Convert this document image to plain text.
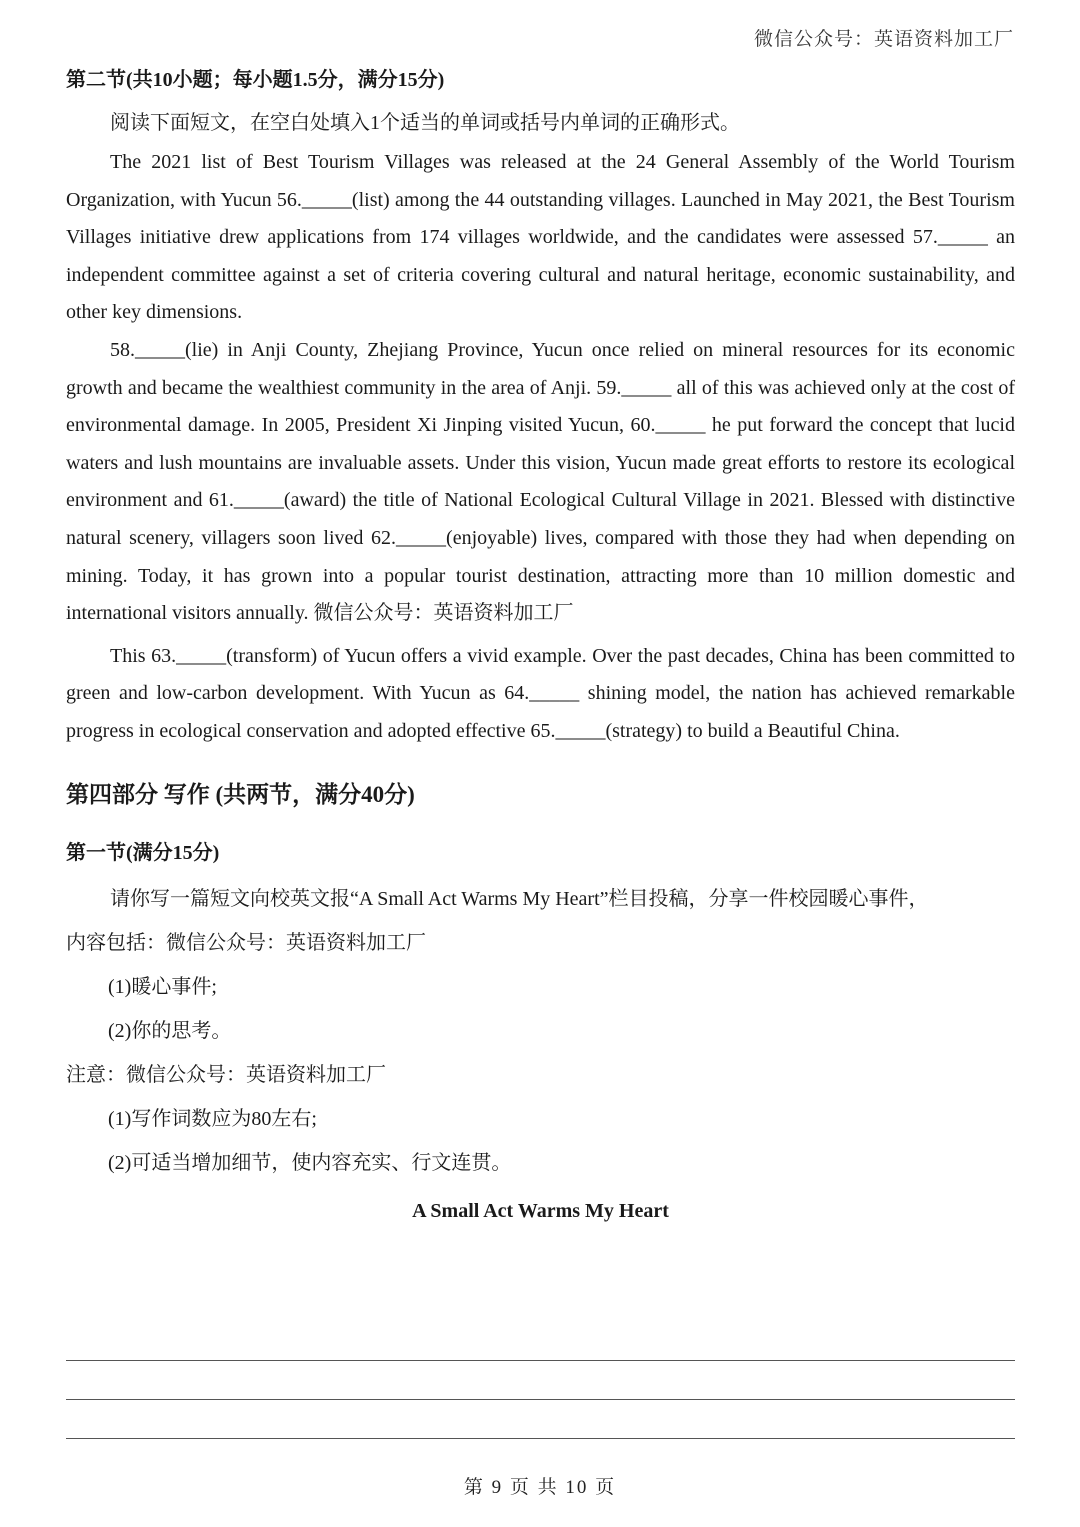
微信公众号：英语资料加工厂
第二节(共10小题；每小题1.5分，满分15分)
阅读下面短文，在空白处填入1个适当的单词或括号内单词的正确形式。
The 2021 list of Best Tourism Villages was released at the 24 General Assembly of the World Tourism Organization, with Yucun 56._____(list) among the 44 outstanding villages. Launched in May 2021, the Best Tourism Villages initiative drew applications from 174 villages worldwide, and the candidates were assessed 57._____ an independent committee against a set of criteria covering cultural and natural heritage, economic sustainability, and other key dimensions.
58._____(lie) in Anji County, Zhejiang Province, Yucun once relied on mineral resources for its economic growth and became the wealthiest community in the area of Anji. 59._____ all of this was achieved only at the cost of environmental damage. In 2005, President Xi Jinping visited Yucun, 60._____ he put forward the concept that lucid waters and lush mountains are invaluable assets. Under this vision, Yucun made great efforts to restore its ecological environment and 61._____(award) the title of National Ecological Cultural Village in 2021. Blessed with distinctive natural scenery, villagers soon lived 62._____(enjoyable) lives, compared with those they had when depending on mining. Today, it has grown into a popular tourist destination, attracting more than 10 million domestic and international visitors annually. 微信公众号：英语资料加工厂
This 63._____(transform) of Yucun offers a vivid example. Over the past decades, China has been committed to green and low-carbon development. With Yucun as 64._____ shining model, the nation has achieved remarkable progress in ecological conservation and adopted effective 65._____(strategy) to build a Beautiful China.
第四部分 写作 (共两节，满分40分)
第一节(满分15分)
请你写一篇短文向校英文报“A Small Act Warms My Heart”栏目投稿，分享一件校园暖心事件，
内容包括：微信公众号：英语资料加工厂
(1)暖心事件;
(2)你的思考。
注意：微信公众号：英语资料加工厂
(1)写作词数应为80左右;
(2)可适当增加细节，使内容充实、行文连贯。
A Small Act Warms My Heart
第 9 页 共 10 页
